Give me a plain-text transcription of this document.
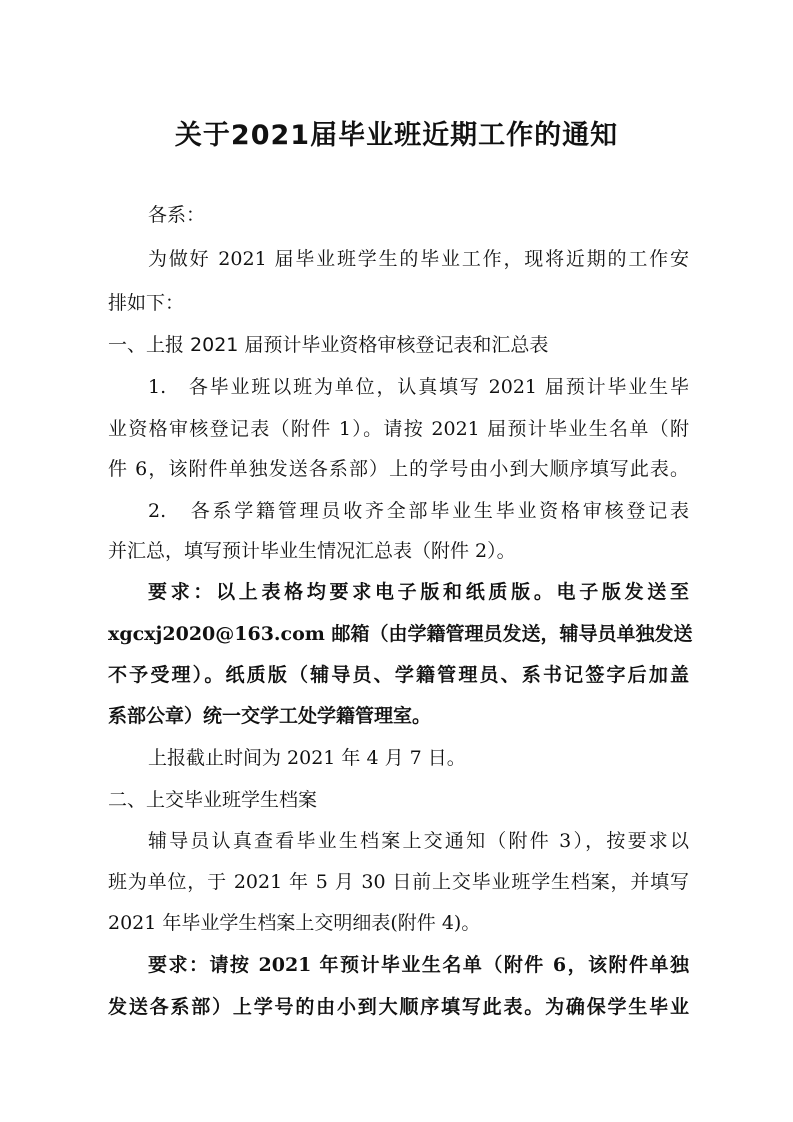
关于2021届毕业班近期工作的通知
各系：
为做好 2021 届毕业班学生的毕业工作，现将近期的工作安
排如下：
一、上报 2021 届预计毕业资格审核登记表和汇总表
1.　各毕业班以班为单位，认真填写 2021 届预计毕业生毕
业资格审核登记表（附件 1）。请按 2021 届预计毕业生名单（附
件 6，该附件单独发送各系部）上的学号由小到大顺序填写此表。
2.　各系学籍管理员收齐全部毕业生毕业资格审核登记表
并汇总，填写预计毕业生情况汇总表（附件 2）。
要求：以上表格均要求电子版和纸质版。电子版发送至
xgcxj2020@163.com 邮箱（由学籍管理员发送，辅导员单独发送
不予受理）。纸质版（辅导员、学籍管理员、系书记签字后加盖
系部公章）统一交学工处学籍管理室。
上报截止时间为 2021 年 4 月 7 日。
二、上交毕业班学生档案
辅导员认真查看毕业生档案上交通知（附件 3），按要求以
班为单位，于 2021 年 5 月 30 日前上交毕业班学生档案，并填写
2021 年毕业学生档案上交明细表(附件 4)。
要求：请按 2021 年预计毕业生名单（附件 6，该附件单独
发送各系部）上学号的由小到大顺序填写此表。为确保学生毕业
